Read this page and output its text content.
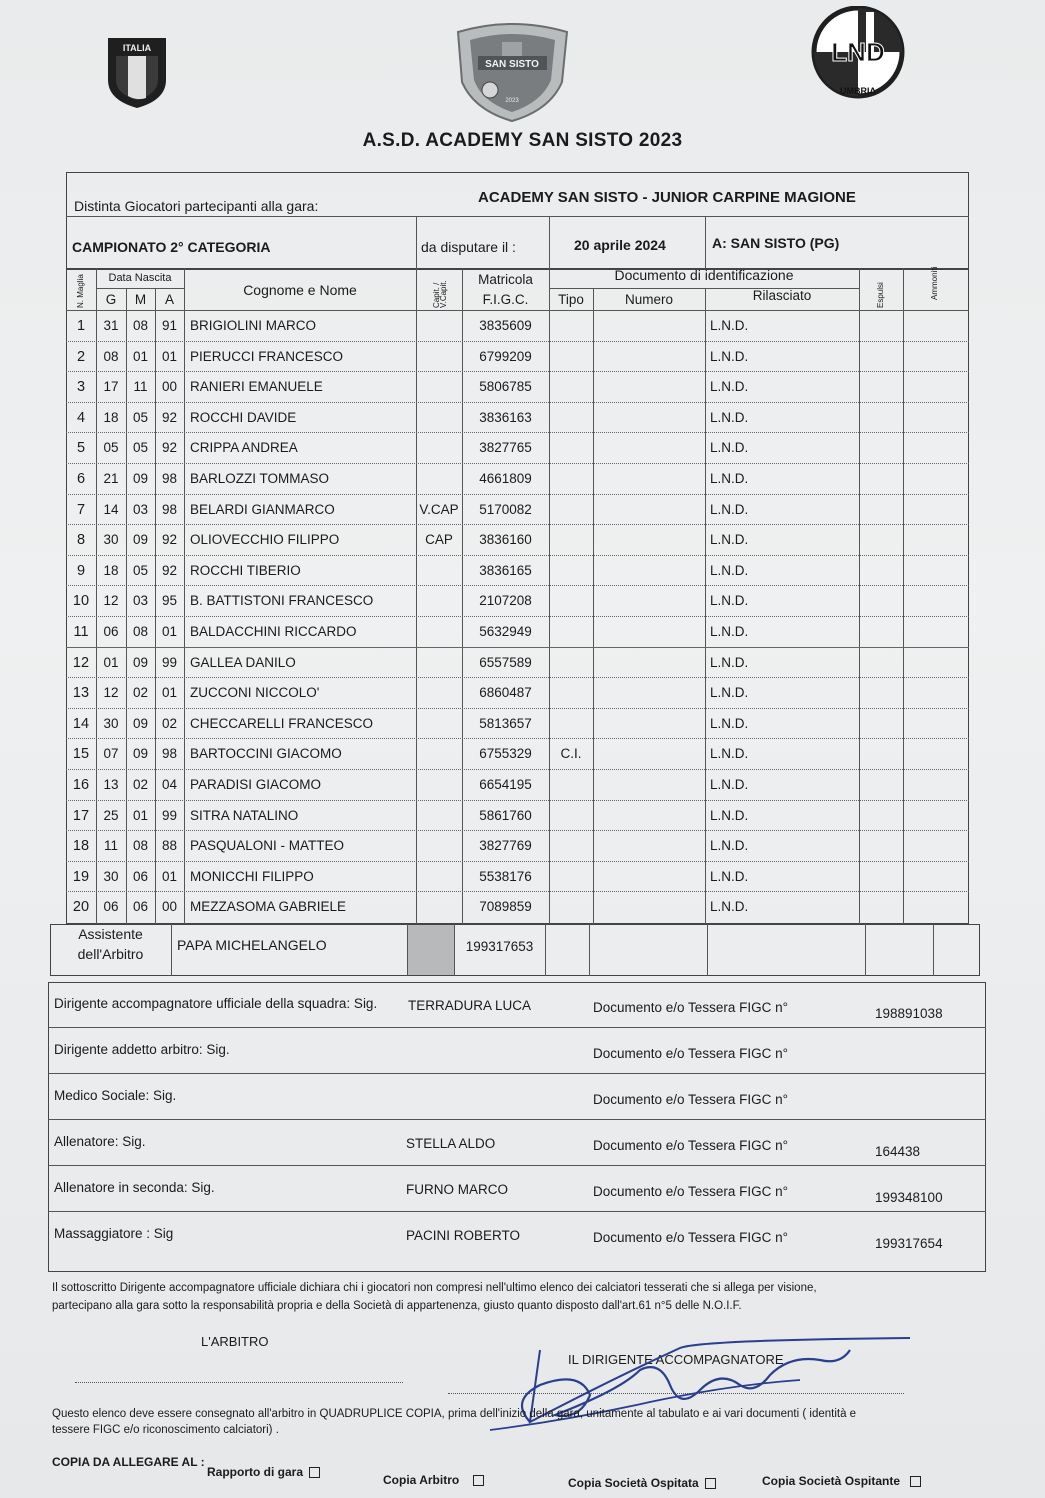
ITALIA
SAN SISTO
2023
LND
UMBRIA
A.S.D. ACADEMY SAN SISTO 2023
Distinta Giocatori partecipanti alla gara:	ACADEMY SAN SISTO - JUNIOR CARPINE MAGIONE
CAMPIONATO 2° CATEGORIA	da disputare il :	20 aprile 2024	A: SAN SISTO (PG)
N. Maglia	Data Nascita
G	M	A
Cognome e Nome	Capit. / V.Capit.
Matricola
F.I.G.C.
Documento di identificazione
Tipo	Numero	Rilasciato	Espulsi	Ammoniti
1	31	08	91 BRIGIOLINI MARCO	3835609	L.N.D.
2	08	01	01 PIERUCCI FRANCESCO	6799209	L.N.D.
3	17	11	00 RANIERI EMANUELE	5806785	L.N.D.
4	18	05	92 ROCCHI DAVIDE	3836163	L.N.D.
5	05	05	92 CRIPPA ANDREA	3827765	L.N.D.
6	21	09	98 BARLOZZI TOMMASO	4661809	L.N.D.
7	14	03	98 BELARDI GIANMARCO	V.CAP	5170082	L.N.D.
8	30	09	92 OLIOVECCHIO FILIPPO	CAP	3836160	L.N.D.
9	18	05	92 ROCCHI TIBERIO	3836165	L.N.D.
10	12	03	95 B. BATTISTONI FRANCESCO	2107208	L.N.D.
11	06	08	01 BALDACCHINI RICCARDO	5632949	L.N.D.
12	01	09	99 GALLEA DANILO	6557589	L.N.D.
13	12	02	01 ZUCCONI NICCOLO'	6860487	L.N.D.
14	30	09	02 CHECCARELLI FRANCESCO	5813657	L.N.D.
15	07	09	98 BARTOCCINI GIACOMO	6755329	C.I.	L.N.D.
16	13	02	04 PARADISI GIACOMO	6654195	L.N.D.
17	25	01	99 SITRA NATALINO	5861760	L.N.D.
18	11	08	88 PASQUALONI - MATTEO	3827769	L.N.D.
19	30	06	01 MONICCHI FILIPPO	5538176	L.N.D.
20	06	06	00 MEZZASOMA GABRIELE	7089859	L.N.D.
Assistente
dell'Arbitro
PAPA MICHELANGELO	199317653
Dirigente accompagnatore ufficiale della squadra: Sig. TERRADURA LUCA	Documento e/o Tessera FIGC n°	198891038
Dirigente addetto arbitro: Sig.	Documento e/o Tessera FIGC n°
Medico Sociale: Sig.	Documento e/o Tessera FIGC n°
Allenatore: Sig.	STELLA ALDO	Documento e/o Tessera FIGC n°	164438
Allenatore in seconda: Sig.	FURNO MARCO	Documento e/o Tessera FIGC n°	199348100
Massaggiatore : Sig	PACINI ROBERTO	Documento e/o Tessera FIGC n°	199317654
Il sottoscritto Dirigente accompagnatore ufficiale dichiara chi i giocatori non compresi nell'ultimo elenco dei calciatori tesserati che si allega per visione,
partecipano alla gara sotto la responsabilità propria e della Società di appartenenza, giusto quanto disposto dall'art.61 n°5 delle N.O.I.F.
L'ARBITRO
IL DIRIGENTE ACCOMPAGNATORE
Questo elenco deve essere consegnato all'arbitro in QUADRUPLICE COPIA, prima dell'inizio della gara, unitamente al tabulato e ai vari documenti ( identità e
tessere FIGC e/o riconoscimento calciatori) .
COPIA DA ALLEGARE AL :
Rapporto di gara
Copia Arbitro	Copia Società Ospitata	Copia Società Ospitante
